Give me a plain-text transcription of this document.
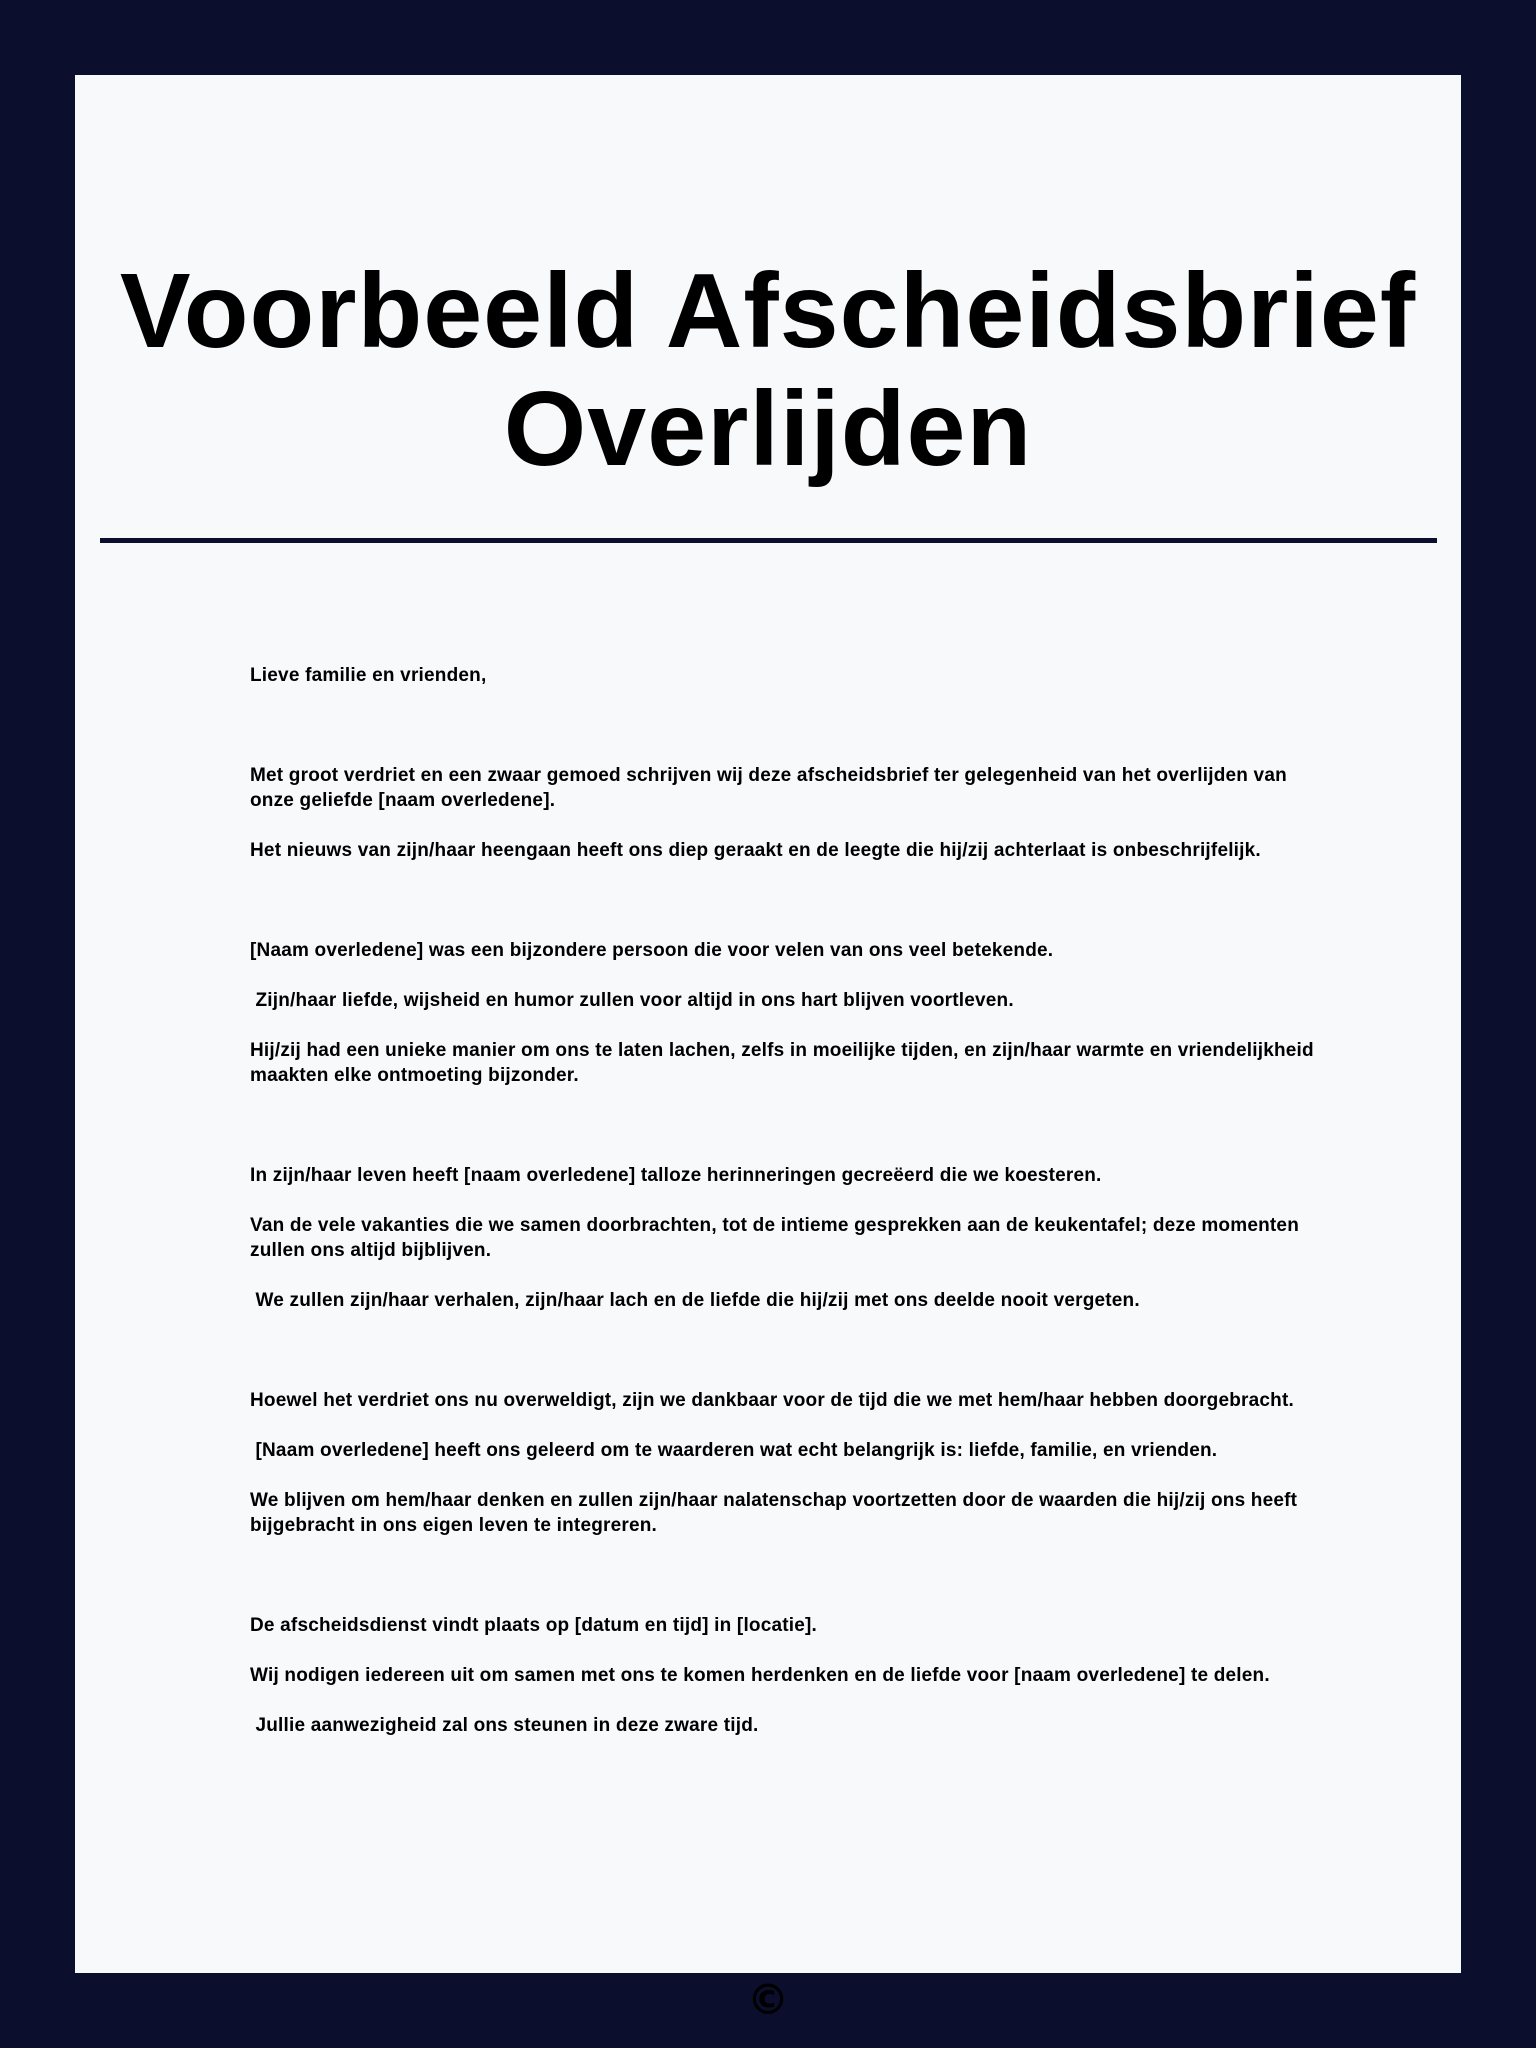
Voorbeeld Afscheidsbrief
Overlijden

Lieve familie en vrienden,

Met groot verdriet en een zwaar gemoed schrijven wij deze afscheidsbrief ter gelegenheid van het overlijden van onze geliefde [naam overledene].

Het nieuws van zijn/haar heengaan heeft ons diep geraakt en de leegte die hij/zij achterlaat is onbeschrijfelijk.

[Naam overledene] was een bijzondere persoon die voor velen van ons veel betekende.

Zijn/haar liefde, wijsheid en humor zullen voor altijd in ons hart blijven voortleven.

Hij/zij had een unieke manier om ons te laten lachen, zelfs in moeilijke tijden, en zijn/haar warmte en vriendelijkheid maakten elke ontmoeting bijzonder.

In zijn/haar leven heeft [naam overledene] talloze herinneringen gecreëerd die we koesteren.

Van de vele vakanties die we samen doorbrachten, tot de intieme gesprekken aan de keukentafel; deze momenten zullen ons altijd bijblijven.

We zullen zijn/haar verhalen, zijn/haar lach en de liefde die hij/zij met ons deelde nooit vergeten.

Hoewel het verdriet ons nu overweldigt, zijn we dankbaar voor de tijd die we met hem/haar hebben doorgebracht.

[Naam overledene] heeft ons geleerd om te waarderen wat echt belangrijk is: liefde, familie, en vrienden.

We blijven om hem/haar denken en zullen zijn/haar nalatenschap voortzetten door de waarden die hij/zij ons heeft bijgebracht in ons eigen leven te integreren.

De afscheidsdienst vindt plaats op [datum en tijd] in [locatie].

Wij nodigen iedereen uit om samen met ons te komen herdenken en de liefde voor [naam overledene] te delen.

Jullie aanwezigheid zal ons steunen in deze zware tijd.

©
